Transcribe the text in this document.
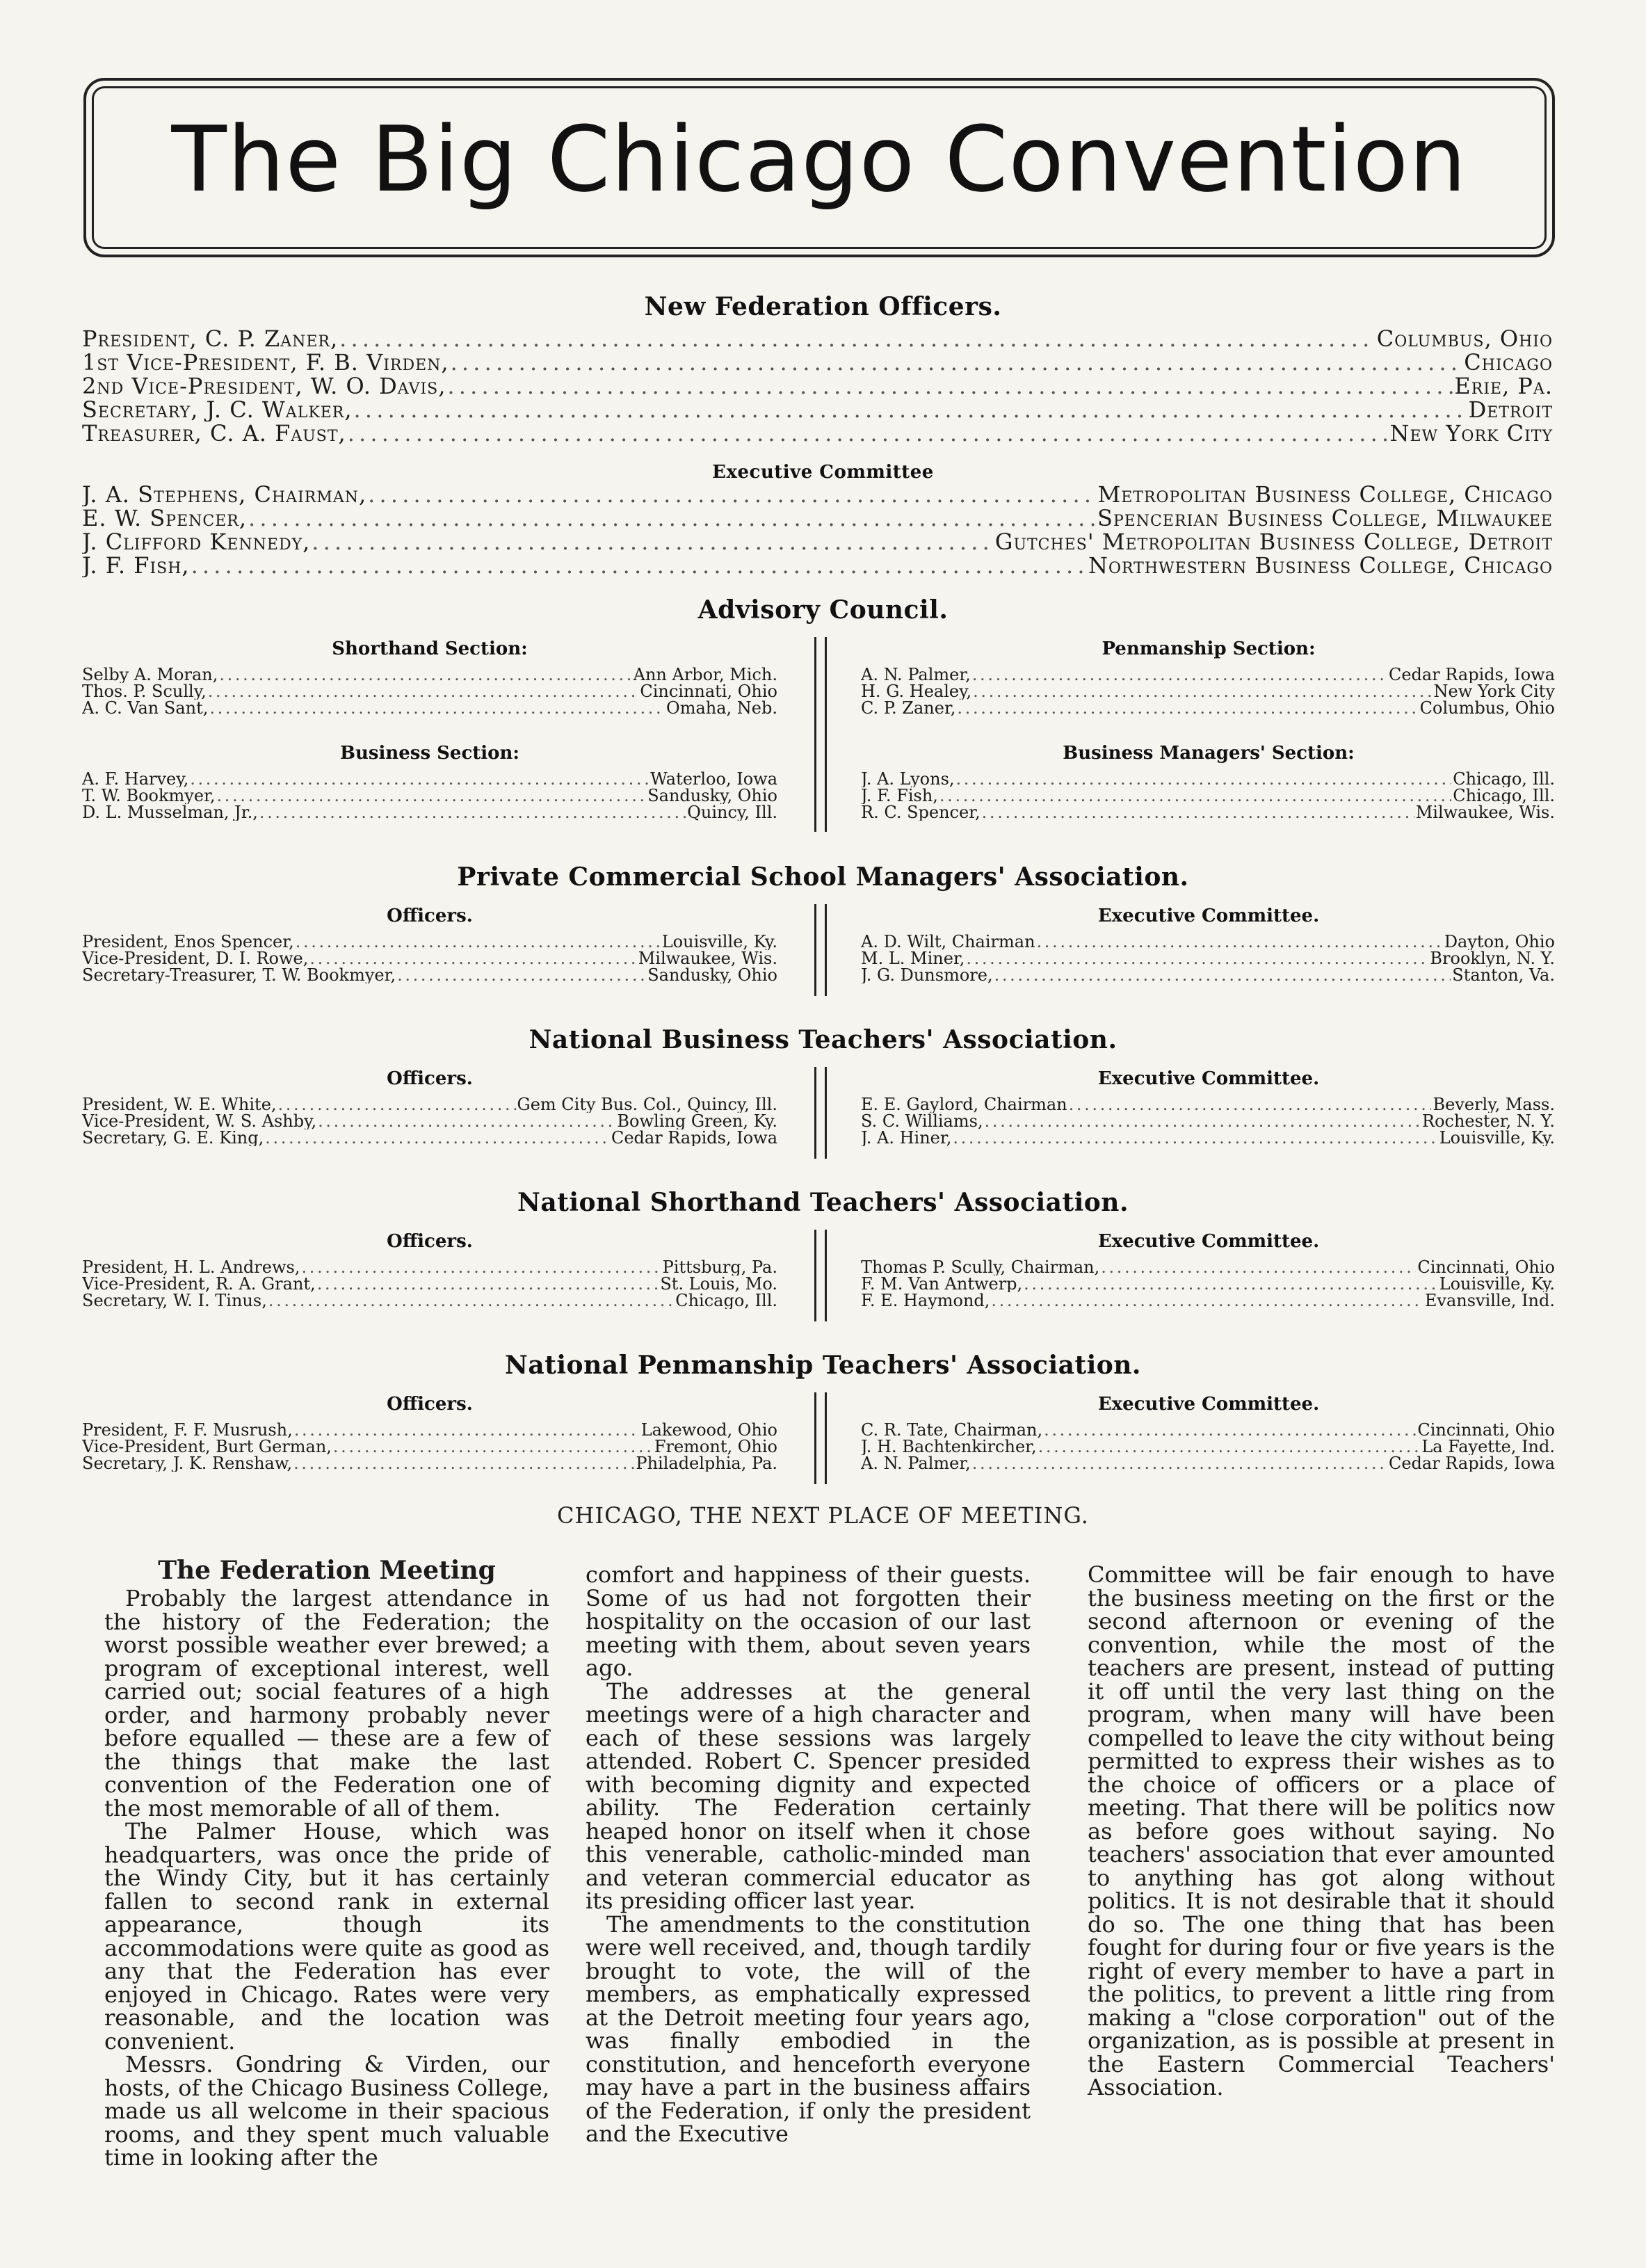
The Big Chicago Convention
New Federation Officers.
President, C. P. Zaner, . . .	Columbus, Ohio
1st Vice-President, F. B. Virden, . . .	Chicago
2nd Vice-President, W. O. Davis, . . .	Erie, Pa.
Secretary, J. C. Walker, . . .	Detroit
Treasurer, C. A. Faust, . . .	New York City
Executive Committee
J. A. Stephens, Chairman, . . .	Metropolitan Business College, Chicago
E. W. Spencer, . . .	Spencerian Business College, Milwaukee
J. Clifford Kennedy, . . .	Gutches' Metropolitan Business College, Detroit
J. F. Fish, . . .	Northwestern Business College, Chicago
Advisory Council.
Shorthand Section:
Selby A. Moran, . . .	Ann Arbor, Mich.
Thos. P. Scully, . . .	Cincinnati, Ohio
A. C. Van Sant, . . .	Omaha, Neb.
Penmanship Section:
A. N. Palmer, . . .	Cedar Rapids, Iowa
H. G. Healey, . . .	New York City
C. P. Zaner, . . .	Columbus, Ohio
Business Section:
A. F. Harvey, . . .	Waterloo, Iowa
T. W. Bookmyer, . . .	Sandusky, Ohio
D. L. Musselman, Jr., . . .	Quincy, Ill.
Business Managers' Section:
J. A. Lyons, . . .	Chicago, Ill.
J. F. Fish, . . .	Chicago, Ill.
R. C. Spencer, . . .	Milwaukee, Wis.
Private Commercial School Managers' Association.
Officers.
President, Enos Spencer, . . .	Louisville, Ky.
Vice-President, D. I. Rowe, . . .	Milwaukee, Wis.
Secretary-Treasurer, T. W. Bookmyer, . . .	Sandusky, Ohio
Executive Committee.
A. D. Wilt, Chairman . . .	Dayton, Ohio
M. L. Miner, . . .	Brooklyn, N. Y.
J. G. Dunsmore, . . .	Stanton, Va.
National Business Teachers' Association.
Officers.
President, W. E. White, . . .	Gem City Bus. Col., Quincy, Ill.
Vice-President, W. S. Ashby, . . .	Bowling Green, Ky.
Secretary, G. E. King, . . .	Cedar Rapids, Iowa
Executive Committee.
E. E. Gaylord, Chairman . . .	Beverly, Mass.
S. C. Williams, . . .	Rochester, N. Y.
J. A. Hiner, . . .	Louisville, Ky.
National Shorthand Teachers' Association.
Officers.
President, H. L. Andrews, . . .	Pittsburg, Pa.
Vice-President, R. A. Grant, . . .	St. Louis, Mo.
Secretary, W. I. Tinus, . . .	Chicago, Ill.
Executive Committee.
Thomas P. Scully, Chairman, . . .	Cincinnati, Ohio
F. M. Van Antwerp, . . .	Louisville, Ky.
F. E. Haymond, . . .	Evansville, Ind.
National Penmanship Teachers' Association.
Officers.
President, F. F. Musrush, . . .	Lakewood, Ohio
Vice-President, Burt German, . . .	Fremont, Ohio
Secretary, J. K. Renshaw, . . .	Philadelphia, Pa.
Executive Committee.
C. R. Tate, Chairman, . . .	Cincinnati, Ohio
J. H. Bachtenkircher, . . .	La Fayette, Ind.
A. N. Palmer, . . .	Cedar Rapids, Iowa
CHICAGO, THE NEXT PLACE OF MEETING.
The Federation Meeting

Probably the largest attendance in the history of the Federation; the worst possible weather ever brewed; a program of exceptional interest, well carried out; social features of a high order, and harmony probably never before equalled — these are a few of the things that make the last convention of the Federation one of the most memorable of all of them.

The Palmer House, which was headquarters, was once the pride of the Windy City, but it has certainly fallen to second rank in external appearance, though its accommodations were quite as good as any that the Federation has ever enjoyed in Chicago. Rates were very reasonable, and the location was convenient.

Messrs. Gondring & Virden, our hosts, of the Chicago Business College, made us all welcome in their spacious rooms, and they spent much valuable time in looking after the

comfort and happiness of their guests. Some of us had not forgotten their hospitality on the occasion of our last meeting with them, about seven years ago.

The addresses at the general meetings were of a high character and each of these sessions was largely attended. Robert C. Spencer presided with becoming dignity and expected ability. The Federation certainly heaped honor on itself when it chose this venerable, catholic-minded man and veteran commercial educator as its presiding officer last year.

The amendments to the constitution were well received, and, though tardily brought to vote, the will of the members, as emphatically expressed at the Detroit meeting four years ago, was finally embodied in the constitution, and henceforth everyone may have a part in the business affairs of the Federation, if only the president and the Executive

Committee will be fair enough to have the business meeting on the first or the second afternoon or evening of the convention, while the most of the teachers are present, instead of putting it off until the very last thing on the program, when many will have been compelled to leave the city without being permitted to express their wishes as to the choice of officers or a place of meeting. That there will be politics now as before goes without saying. No teachers' association that ever amounted to anything has got along without politics. It is not desirable that it should do so. The one thing that has been fought for during four or five years is the right of every member to have a part in the politics, to prevent a little ring from making a "close corporation" out of the organization, as is possible at present in the Eastern Commercial Teachers' Association.
